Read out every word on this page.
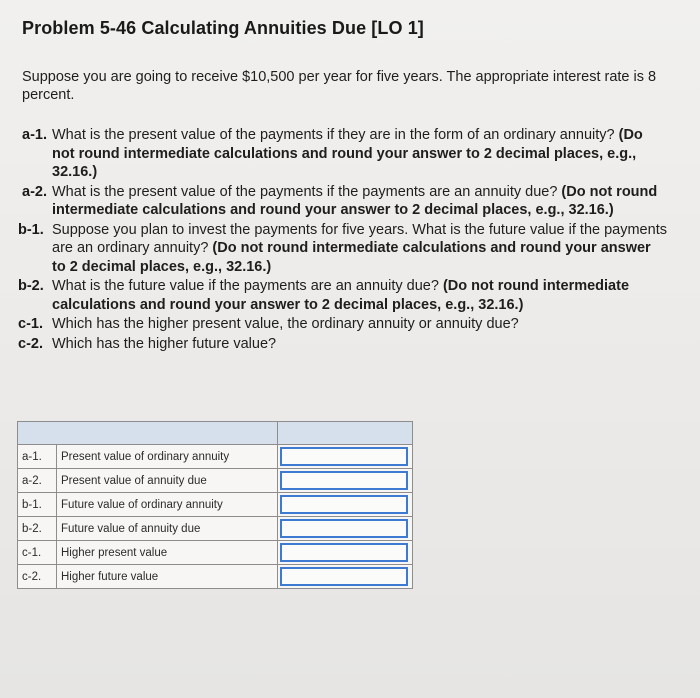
Problem 5-46 Calculating Annuities Due [LO 1]
Suppose you are going to receive $10,500 per year for five years. The appropriate interest rate is 8 percent.
a-1. What is the present value of the payments if they are in the form of an ordinary annuity? (Do not round intermediate calculations and round your answer to 2 decimal places, e.g., 32.16.)
a-2. What is the present value of the payments if the payments are an annuity due? (Do not round intermediate calculations and round your answer to 2 decimal places, e.g., 32.16.)
b-1. Suppose you plan to invest the payments for five years. What is the future value if the payments are an ordinary annuity? (Do not round intermediate calculations and round your answer to 2 decimal places, e.g., 32.16.)
b-2. What is the future value if the payments are an annuity due? (Do not round intermediate calculations and round your answer to 2 decimal places, e.g., 32.16.)
c-1. Which has the higher present value, the ordinary annuity or annuity due?
c-2. Which has the higher future value?

a-1.	Present value of ordinary annuity	

a-2.	Present value of annuity due	

b-1.	Future value of ordinary annuity	

b-2.	Future value of annuity due	

c-1.	Higher present value	

c-2.	Higher future value	
